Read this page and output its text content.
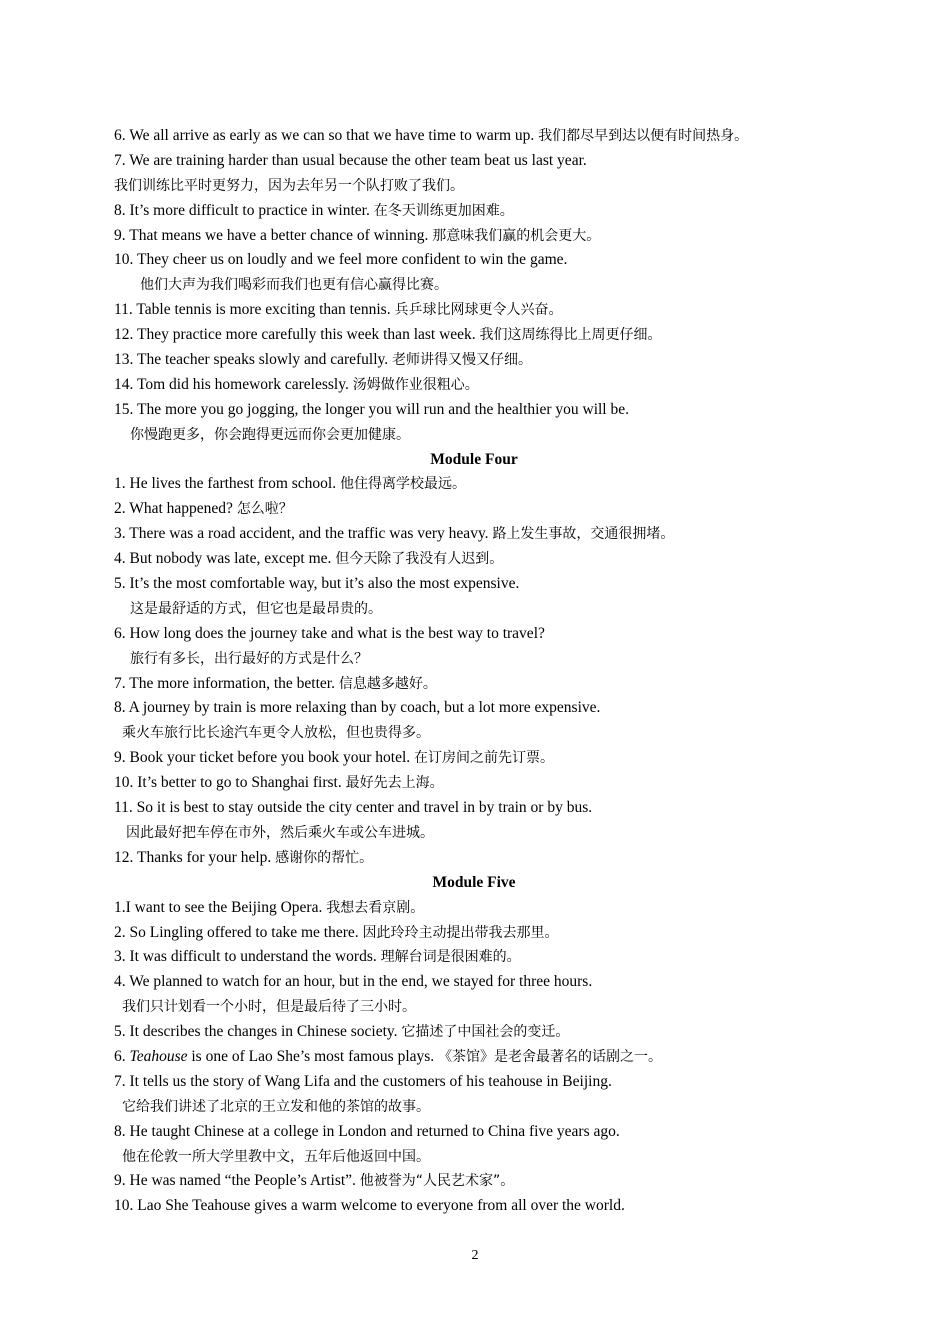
6. We all arrive as early as we can so that we have time to warm up. 我们都尽早到达以便有时间热身。
7. We are training harder than usual because the other team beat us last year.
我们训练比平时更努力，因为去年另一个队打败了我们。
8. It’s more difficult to practice in winter. 在冬天训练更加困难。
9. That means we have a better chance of winning. 那意味我们赢的机会更大。
10. They cheer us on loudly and we feel more confident to win the game.
他们大声为我们喝彩而我们也更有信心赢得比赛。
11. Table tennis is more exciting than tennis. 兵乒球比网球更令人兴奋。
12. They practice more carefully this week than last week. 我们这周练得比上周更仔细。
13. The teacher speaks slowly and carefully. 老师讲得又慢又仔细。
14. Tom did his homework carelessly. 汤姆做作业很粗心。
15. The more you go jogging, the longer you will run and the healthier you will be.
你慢跑更多，你会跑得更远而你会更加健康。
Module Four
1. He lives the farthest from school. 他住得离学校最远。
2. What happened? 怎么啦？
3. There was a road accident, and the traffic was very heavy. 路上发生事故，交通很拥堵。
4. But nobody was late, except me. 但今天除了我没有人迟到。
5. It’s the most comfortable way, but it’s also the most expensive.
这是最舒适的方式，但它也是最昂贵的。
6. How long does the journey take and what is the best way to travel?
旅行有多长，出行最好的方式是什么？
7. The more information, the better. 信息越多越好。
8. A journey by train is more relaxing than by coach, but a lot more expensive.
乘火车旅行比长途汽车更令人放松，但也贵得多。
9. Book your ticket before you book your hotel. 在订房间之前先订票。
10. It’s better to go to Shanghai first. 最好先去上海。
11. So it is best to stay outside the city center and travel in by train or by bus.
因此最好把车停在市外，然后乘火车或公车进城。
12. Thanks for your help. 感谢你的帮忙。
Module Five
1.I want to see the Beijing Opera. 我想去看京剧。
2. So Lingling offered to take me there. 因此玲玲主动提出带我去那里。
3. It was difficult to understand the words. 理解台词是很困难的。
4. We planned to watch for an hour, but in the end, we stayed for three hours.
我们只计划看一个小时，但是最后待了三小时。
5. It describes the changes in Chinese society. 它描述了中国社会的变迁。
6. Teahouse is one of Lao She’s most famous plays. 《茶馆》是老舍最著名的话剧之一。
7. It tells us the story of Wang Lifa and the customers of his teahouse in Beijing.
它给我们讲述了北京的王立发和他的茶馆的故事。
8. He taught Chinese at a college in London and returned to China five years ago.
他在伦敦一所大学里教中文，五年后他返回中国。
9. He was named “the People’s Artist”. 他被誉为“人民艺术家”。
10. Lao She Teahouse gives a warm welcome to everyone from all over the world.
2
